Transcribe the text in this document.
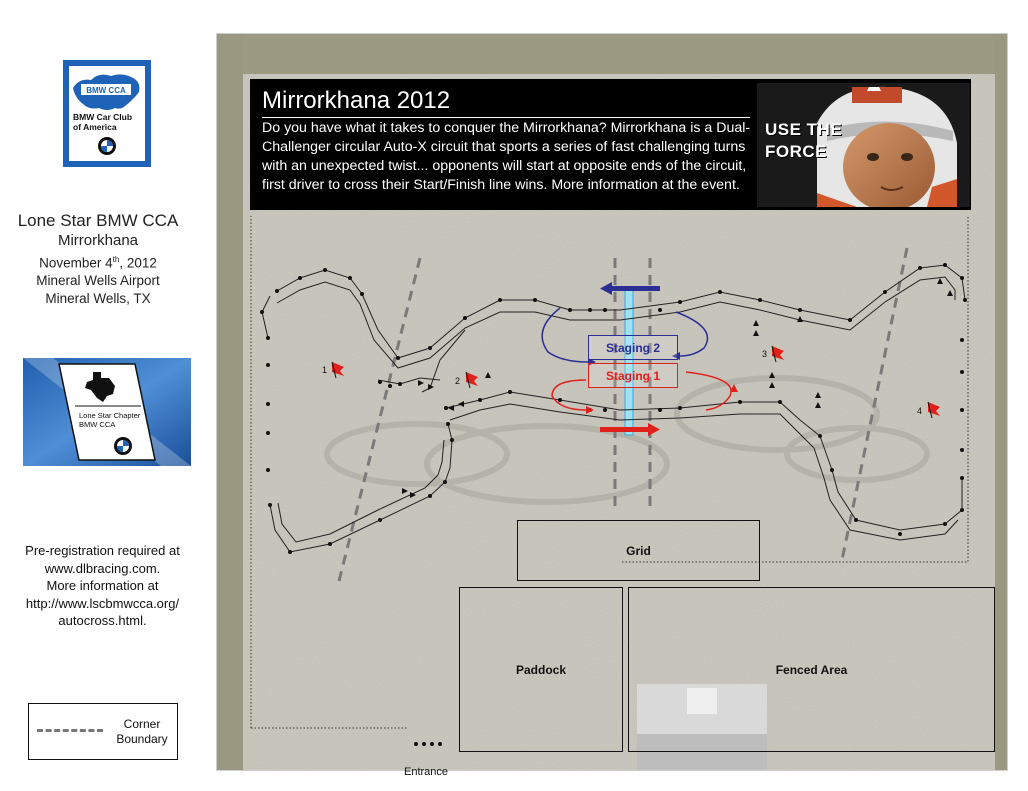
BMW CCA
BMW Car Club
of America
Lone Star BMW CCA
Mirrorkhana
November 4th, 2012
Mineral Wells Airport
Mineral Wells, TX
Lone Star Chapter
BMW CCA
Pre-registration required at
www.dlbracing.com.
More information at
http://www.lscbmwcca.org/
autocross.html.
Corner
Boundary
1
2
3
4
Staging 2
Staging 1
Grid
Paddock	Fenced Area
Entrance
Mirrorkhana 2012
Do you have what it takes to conquer the Mirrorkhana? Mirrorkhana is a Dual-Challenger circular Auto-X circuit that sports a series of fast challenging turns with an unexpected twist... opponents will start at opposite ends of the circuit, first driver to cross their Start/Finish line wins. More information at the event.
USE THE
FORCE
